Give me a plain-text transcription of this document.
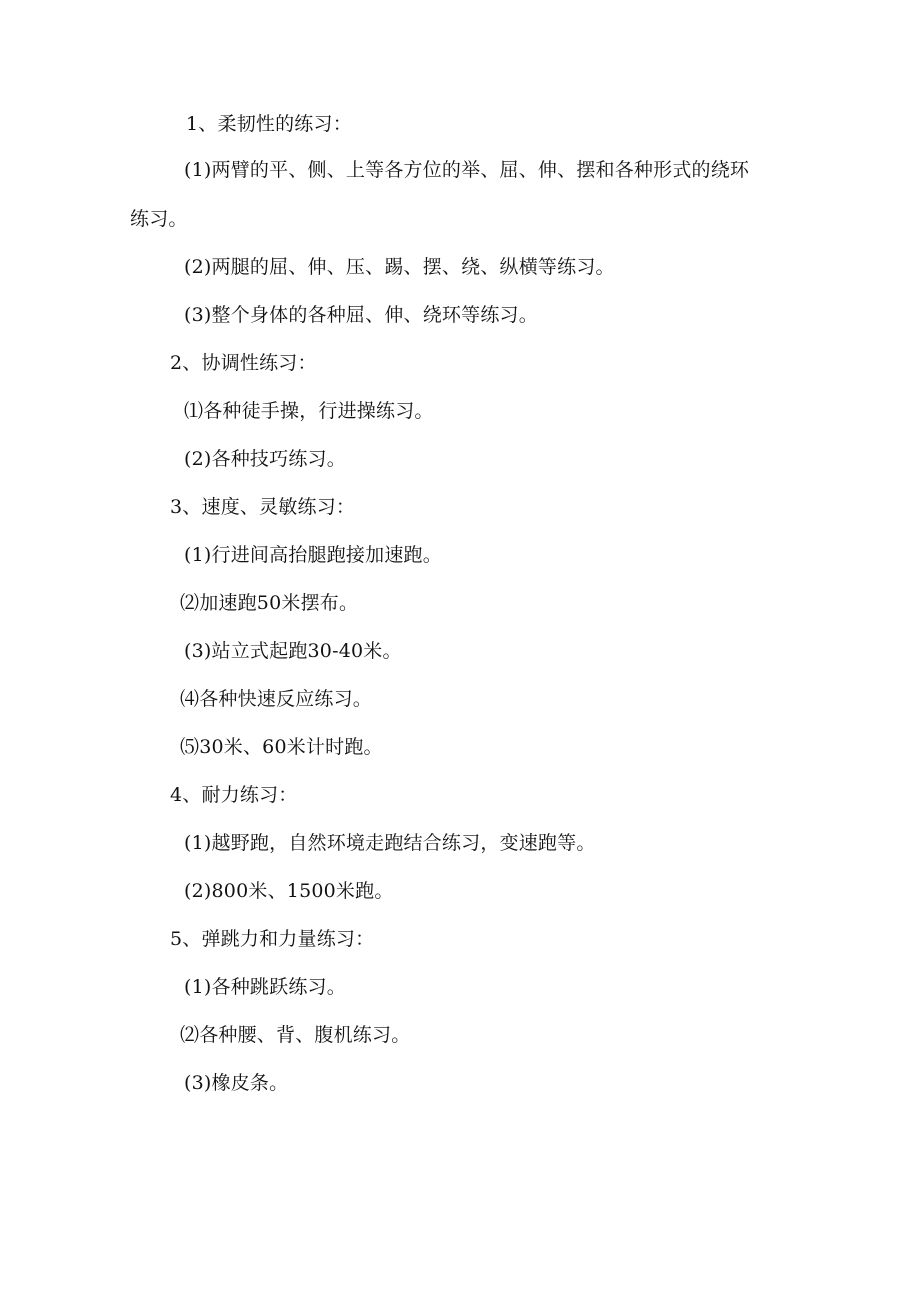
1、柔韧性的练习：
(1)两臂的平、侧、上等各方位的举、屈、伸、摆和各种形式的绕环
练习。
(2)两腿的屈、伸、压、踢、摆、绕、纵横等练习。
(3)整个身体的各种屈、伸、绕环等练习。
2、协调性练习：
⑴各种徒手操，行进操练习。
(2)各种技巧练习。
3、速度、灵敏练习：
(1)行进间高抬腿跑接加速跑。
⑵加速跑50米摆布。
(3)站立式起跑30-40米。
⑷各种快速反应练习。
⑸30米、60米计时跑。
4、耐力练习：
(1)越野跑，自然环境走跑结合练习，变速跑等。
(2)800米、1500米跑。
5、弹跳力和力量练习：
(1)各种跳跃练习。
⑵各种腰、背、腹机练习。
(3)橡皮条。
